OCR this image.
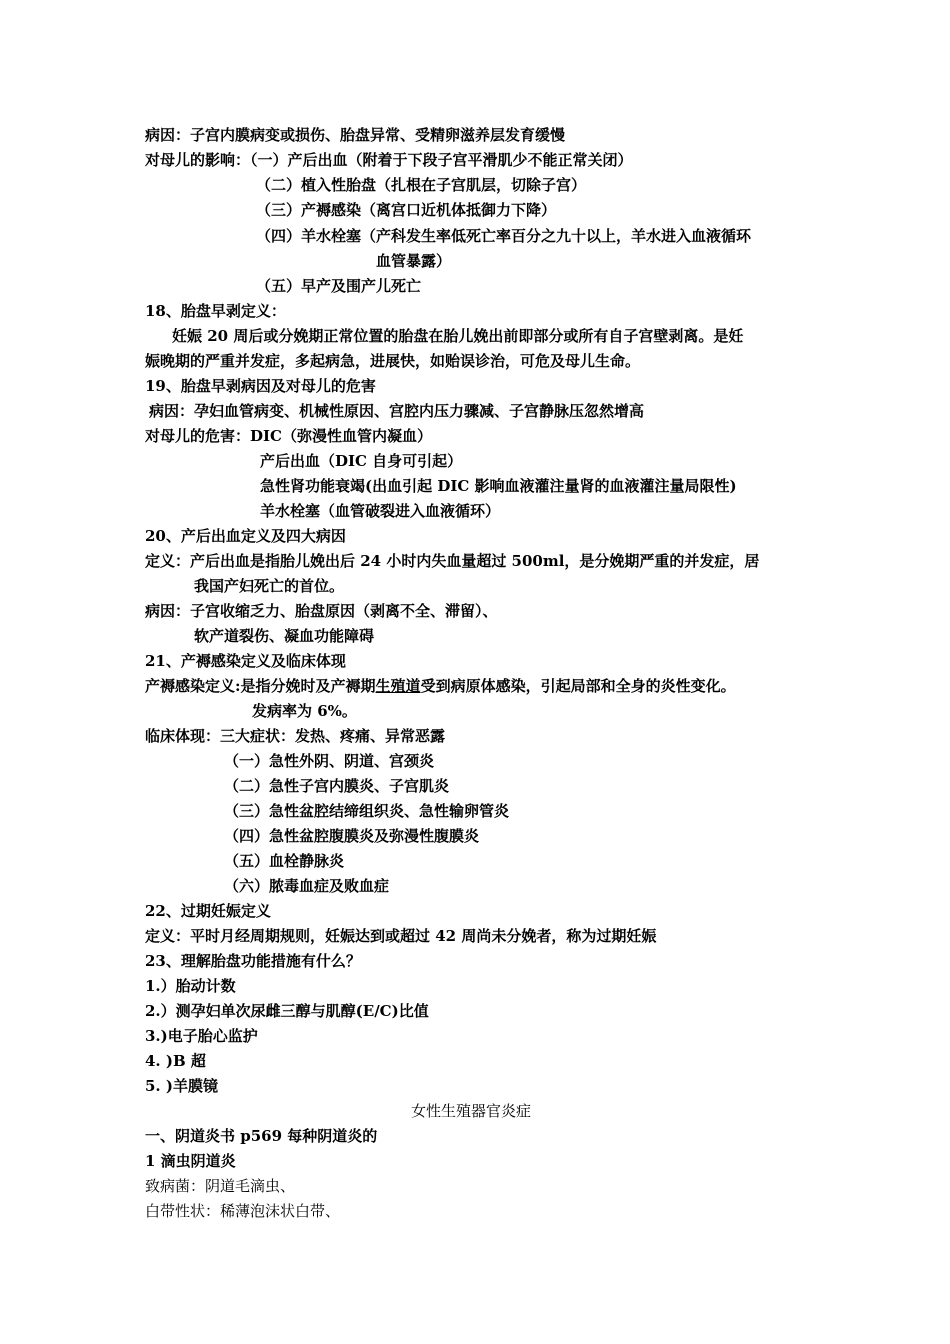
病因：子宫内膜病变或损伤、胎盘异常、受精卵滋养层发育缓慢
对母儿的影响：（一）产后出血（附着于下段子宫平滑肌少不能正常关闭）
（二）植入性胎盘（扎根在子宫肌层，切除子宫）
（三）产褥感染（离宫口近机体抵御力下降）
（四）羊水栓塞（产科发生率低死亡率百分之九十以上，羊水进入血液循环
血管暴露）
（五）早产及围产儿死亡
18、胎盘早剥定义：
妊娠 20 周后或分娩期正常位置的胎盘在胎儿娩出前即部分或所有自子宫壁剥离。是妊
娠晚期的严重并发症，多起病急，进展快，如贻误诊治，可危及母儿生命。
19、胎盘早剥病因及对母儿的危害
病因：孕妇血管病变、机械性原因、宫腔内压力骤减、子宫静脉压忽然增高
对母儿的危害：DIC（弥漫性血管内凝血）
产后出血（DIC 自身可引起）
急性肾功能衰竭(出血引起 DIC 影响血液灌注量肾的血液灌注量局限性)
羊水栓塞（血管破裂进入血液循环）
20、产后出血定义及四大病因
定义：产后出血是指胎儿娩出后 24 小时内失血量超过 500ml，是分娩期严重的并发症，居
我国产妇死亡的首位。
病因：子宫收缩乏力、胎盘原因（剥离不全、滞留）、
软产道裂伤、凝血功能障碍
21、产褥感染定义及临床体现
产褥感染定义:是指分娩时及产褥期生殖道受到病原体感染，引起局部和全身的炎性变化。
发病率为 6%。
临床体现：三大症状：发热、疼痛、异常恶露
（一）急性外阴、阴道、宫颈炎
（二）急性子宫内膜炎、子宫肌炎
（三）急性盆腔结缔组织炎、急性输卵管炎
（四）急性盆腔腹膜炎及弥漫性腹膜炎
（五）血栓静脉炎
（六）脓毒血症及败血症
22、过期妊娠定义
定义：平时月经周期规则，妊娠达到或超过 42 周尚未分娩者，称为过期妊娠
23、理解胎盘功能措施有什么？
1.）胎动计数
2.）测孕妇单次尿雌三醇与肌醇(E/C)比值
3.)电子胎心监护
4. )B 超
5. )羊膜镜
女性生殖器官炎症
一、阴道炎书 p569 每种阴道炎的
1 滴虫阴道炎
致病菌：阴道毛滴虫、
白带性状：稀薄泡沫状白带、
